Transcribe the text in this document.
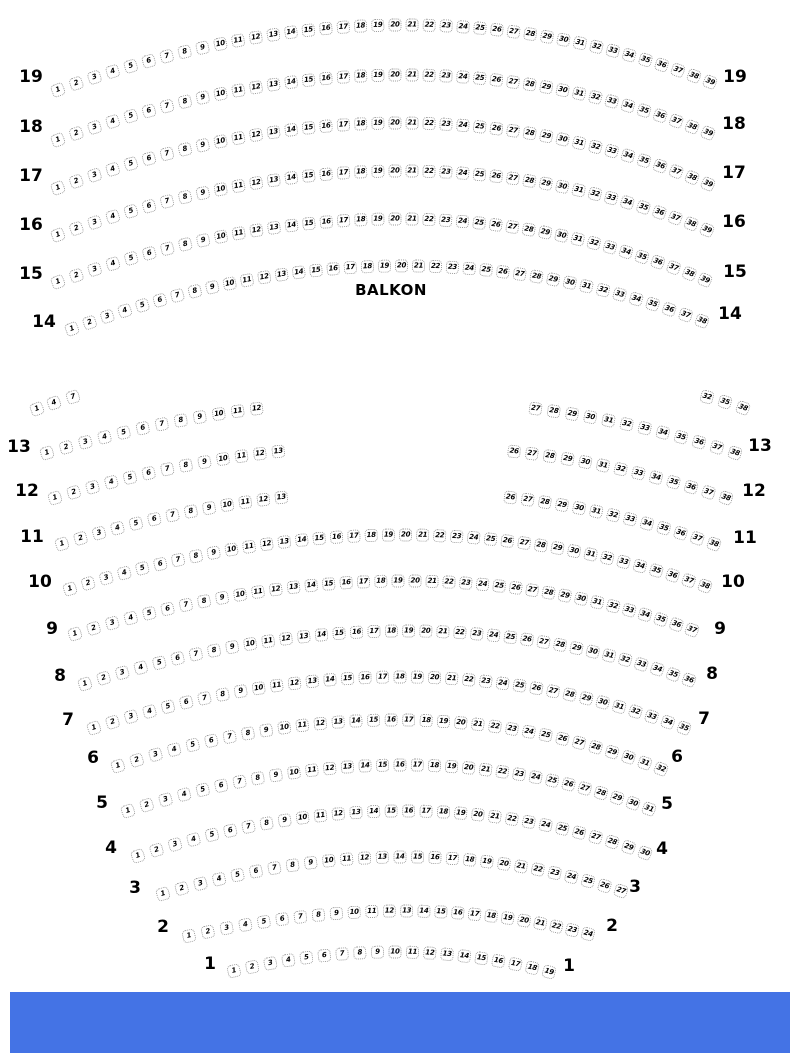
1
2
3
4
5
6
7	8	9	10	11	12	13	14	15	16	17	18 19 20 21 22 23	24	25	26 27 28 29 30 31 32 33 34 35 36
37
38
39
1
2
3
4
5
6
7
8	9	10	11	12	13	14	15	16	17	18 19 20 21 22 23	24	25 26 27 28 29 30 31 32 33 34 35 36
37
38
39
1
2
3
4
5
6
7
8	9	10	11	12	13	14	15	16	17	18 19 20 21 22 23	24 25 26 27 28 29 30 31 32 33 34 35
36
37
38
39
1
2
3
4
5
6
7	8	9	10	11	12	13	14	15	16	17	18 19 20 21 22 23	24 25 26 27 28 29 30 31 32 33 34 35 36
37
38
39
1
2
3
4
5
6
7	8	9	10	11	12	13	14	15	16	17	18 19 20 21 22 23	24 25 26 27 28 29 30 31 32 33 34 35 36
37
38
39
1
2
3
4
5
6
7	8	9	10 11 12	13	14	15	16	17	18 19 20 21 22 23	24 25 26 27 28 29 30 31 32 33 34 35
36
37
38
1
4
7	32	35
38
1
2
3
4
5	6	7	8	9	10	11	12	27	28	29	30	31	32	33	34	35	36
37
38
1
2
3
4
5	6	7	8	9	10	11	12	13	26	27	28	29	30	31	32	33 34 35 36
37
38
1
2
3
4
5	6	7	8	9	10	11	12	13	26	27	28 29 30 31 32 33 34 35 36 37
38
1
2
3
4
5	6	7	8	9	10	11	12	13	14	15	16	17 18 19 20 21 22 23	24	25 26 27 28 29 30 31 32 33 34 35 36 37
38
1
2
3
4
5	6	7	8	9	10	11	12	13	14	15	16	17 18 19 20 21 22	23	24 25 26 27 28 29 30 31 32 33 34 35 36
37
1
2
3
4
5
6	7	8	9	10	11	12	13	14	15	16 17 18 19 20 21	22	23 24 25 26 27 28 29 30 31 32 33 34
35
36
1
2
3
4
5	6	7	8	9	10	11	12	13	14	15 16 17 18 19 20	21	22	23 24 25 26 27 28 29 30 31 32 33
34
35
1
2
3
4
5	6	7	8	9	10	11	12	13	14 15 16 17 18	19	20	21	22 23 24 25 26 27 28 29 30
31
32
1
2
3
4
5	6	7	8	9	10	11	12	13	14 15 16 17 18	19	20	21 22 23 24 25 26 27 28 29
30
31
1
2
3
4
5	6	7	8	9	10	11	12	13	14 15 16 17 18	19	20 21 22 23 24 25 26 27 28
29
30
1
2
3
4	5	6	7	8	9	10	11	12 13 14 15 16	17	18	19	20 21 22 23 24 25 26 27
1	2	3	4	5	6	7	8	9	10 11 12 13 14 15	16	17 18 19 20 21 22 23 24
1	2	3	4	5	6	7	8	9	10 11 12	13	14	15 16 17 18 19
19	19
18	18
17	17
16	16
15	15
14	14
13	13
12	12
11	11
10	10
9	9
8	8
7	7
6	6
5	5
4	4
3	3
2	2
1	1
BALKON
